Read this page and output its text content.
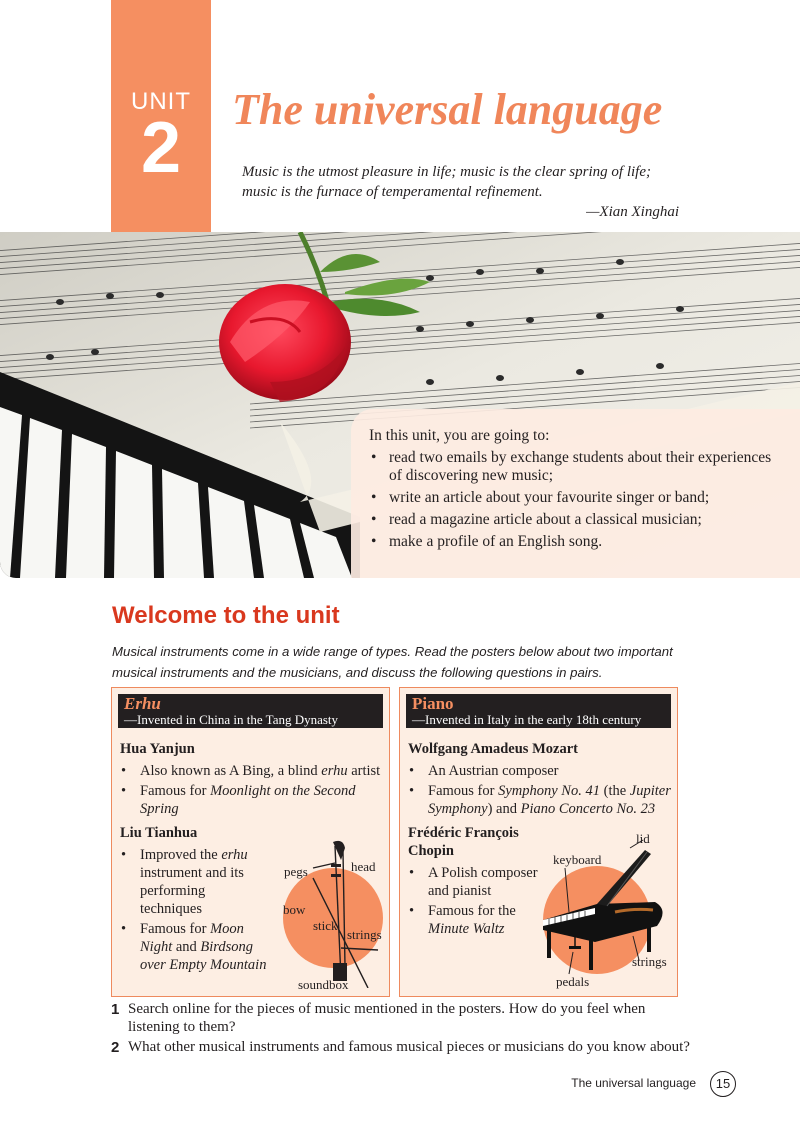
UNIT
2	The universal language
Music is the utmost pleasure in life; music is the clear spring of life;
music is the furnace of temperamental refinement.
—Xian Xinghai
In this unit, you are going to:
• read two emails by exchange students about their experiences of discovering new music;
• write an article about your favourite singer or band;
• read a magazine article about a classical musician;
• make a profile of an English song.
Welcome to the unit
Musical instruments come in a wide range of types. Read the posters below about two important musical instruments and the musicians, and discuss the following questions in pairs.
Erhu
—Invented in China in the Tang Dynasty
Hua Yanjun
• Also known as A Bing, a blind erhu artist
• Famous for Moonlight on the Second Spring
Liu Tianhua
• Improved the erhu instrument and its performing techniques
• Famous for Moon Night and Birdsong over Empty Mountain
pegs	head
bow
stick
strings
soundbox
Piano
—Invented in Italy in the early 18th century
Wolfgang Amadeus Mozart
• An Austrian composer
• Famous for Symphony No. 41 (the Jupiter Symphony) and Piano Concerto No. 23
Frédéric François Chopin
• A Polish composer and pianist
• Famous for the Minute Waltz
lid
keyboard
strings
pedals
1 Search online for the pieces of music mentioned in the posters. How do you feel when listening to them?
2 What other musical instruments and famous musical pieces or musicians do you know about?
The universal language	15
